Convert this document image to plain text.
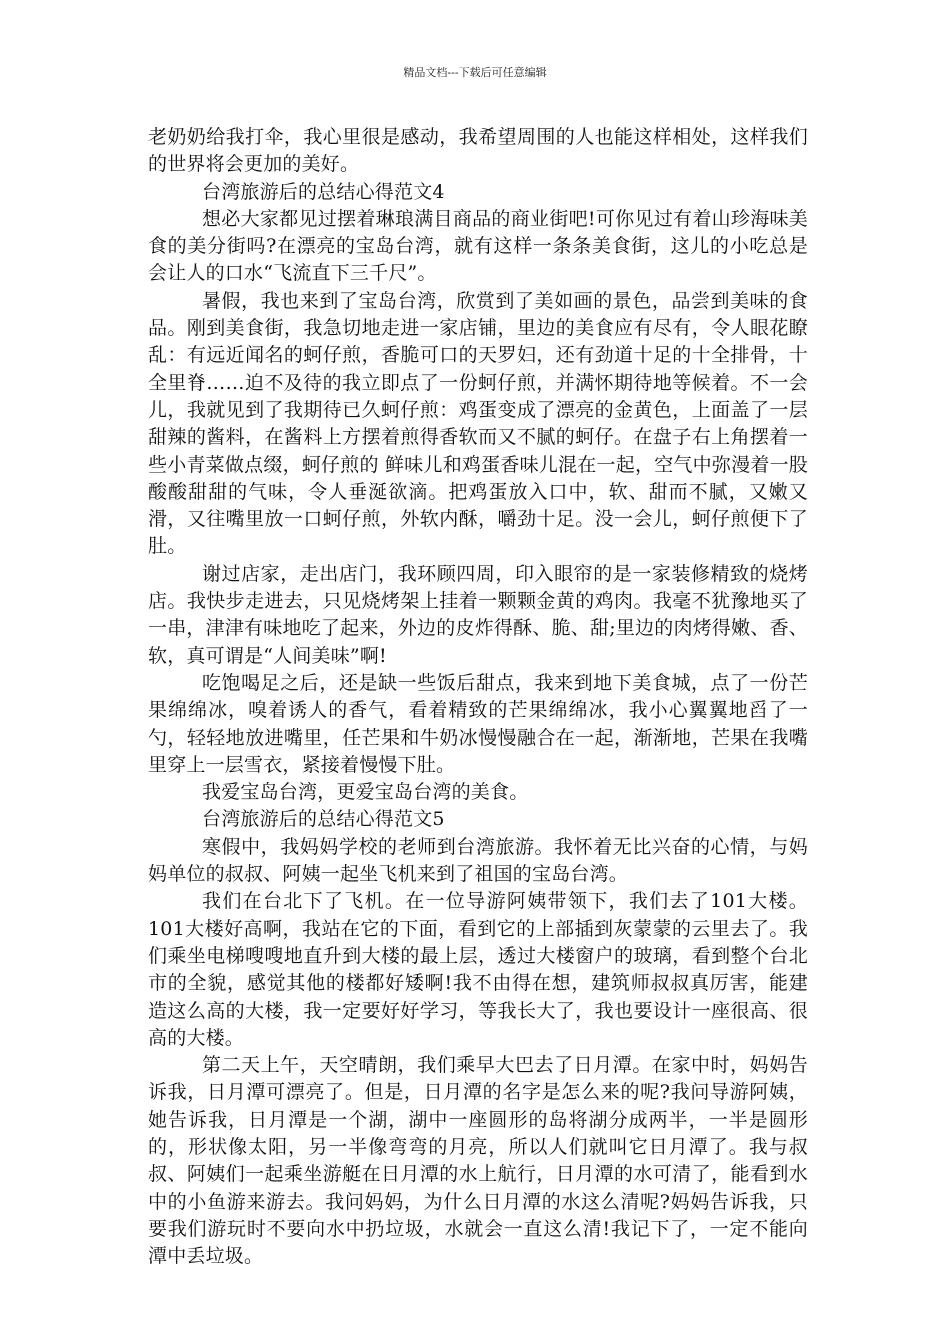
精品文档---下载后可任意编辑

老奶奶给我打伞，我心里很是感动，我希望周围的人也能这样相处，这样我们的世界将会更加的美好。

台湾旅游后的总结心得范文4

想必大家都见过摆着琳琅满目商品的商业街吧!可你见过有着山珍海味美食的美分街吗?在漂亮的宝岛台湾，就有这样一条条美食街，这儿的小吃总是会让人的口水“飞流直下三千尺”。

暑假，我也来到了宝岛台湾，欣赏到了美如画的景色，品尝到美味的食品。刚到美食街，我急切地走进一家店铺，里边的美食应有尽有，令人眼花瞭乱：有远近闻名的蚵仔煎，香脆可口的天罗妇，还有劲道十足的十全排骨，十全里脊……迫不及待的我立即点了一份蚵仔煎，并满怀期待地等候着。不一会儿，我就见到了我期待已久蚵仔煎：鸡蛋变成了漂亮的金黄色，上面盖了一层甜辣的酱料，在酱料上方摆着煎得香软而又不腻的蚵仔。在盘子右上角摆着一些小青菜做点缀，蚵仔煎的 鲜味儿和鸡蛋香味儿混在一起，空气中弥漫着一股酸酸甜甜的气味，令人垂涎欲滴。把鸡蛋放入口中，软、甜而不腻，又嫩又滑，又往嘴里放一口蚵仔煎，外软内酥，嚼劲十足。没一会儿，蚵仔煎便下了肚。

谢过店家，走出店门，我环顾四周，印入眼帘的是一家装修精致的烧烤店。我快步走进去，只见烧烤架上挂着一颗颗金黄的鸡肉。我毫不犹豫地买了一串，津津有味地吃了起来，外边的皮炸得酥、脆、甜;里边的肉烤得嫩、香、软，真可谓是“人间美味”啊!

吃饱喝足之后，还是缺一些饭后甜点，我来到地下美食城，点了一份芒果绵绵冰，嗅着诱人的香气，看着精致的芒果绵绵冰，我小心翼翼地舀了一勺，轻轻地放进嘴里，任芒果和牛奶冰慢慢融合在一起，渐渐地，芒果在我嘴里穿上一层雪衣，紧接着慢慢下肚。

我爱宝岛台湾，更爱宝岛台湾的美食。

台湾旅游后的总结心得范文5

寒假中，我妈妈学校的老师到台湾旅游。我怀着无比兴奋的心情，与妈妈单位的叔叔、阿姨一起坐飞机来到了祖国的宝岛台湾。

我们在台北下了飞机。在一位导游阿姨带领下，我们去了101大楼。101大楼好高啊，我站在它的下面，看到它的上部插到灰蒙蒙的云里去了。我们乘坐电梯嗖嗖地直升到大楼的最上层，透过大楼窗户的玻璃，看到整个台北市的全貌，感觉其他的楼都好矮啊!我不由得在想，建筑师叔叔真厉害，能建造这么高的大楼，我一定要好好学习，等我长大了，我也要设计一座很高、很高的大楼。

第二天上午，天空晴朗，我们乘早大巴去了日月潭。在家中时，妈妈告诉我，日月潭可漂亮了。但是，日月潭的名字是怎么来的呢?我问导游阿姨，她告诉我，日月潭是一个湖，湖中一座圆形的岛将湖分成两半，一半是圆形的，形状像太阳，另一半像弯弯的月亮，所以人们就叫它日月潭了。我与叔叔、阿姨们一起乘坐游艇在日月潭的水上航行，日月潭的水可清了，能看到水中的小鱼游来游去。我问妈妈，为什么日月潭的水这么清呢?妈妈告诉我，只要我们游玩时不要向水中扔垃圾，水就会一直这么清!我记下了，一定不能向潭中丢垃圾。
